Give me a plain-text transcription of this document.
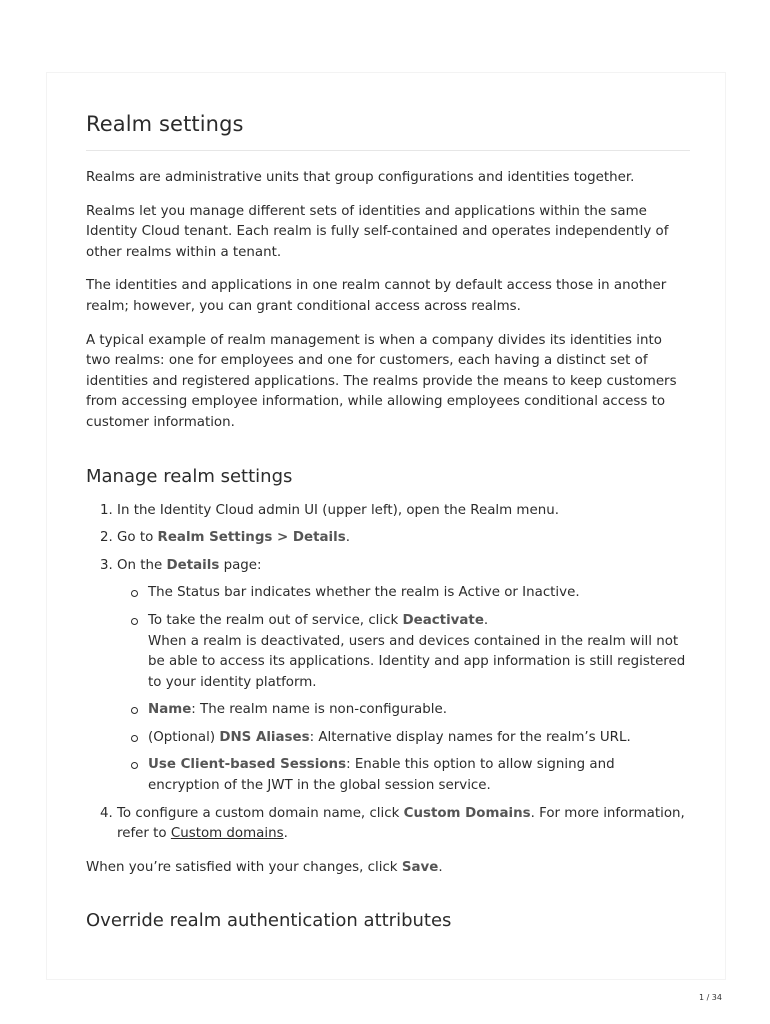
Realm settings

Realms are administrative units that group configurations and identities together.

Realms let you manage different sets of identities and applications within the same Identity Cloud tenant. Each realm is fully self-contained and operates independently of other realms within a tenant.

The identities and applications in one realm cannot by default access those in another realm; however, you can grant conditional access across realms.

A typical example of realm management is when a company divides its identities into two realms: one for employees and one for customers, each having a distinct set of identities and registered applications. The realms provide the means to keep customers from accessing employee information, while allowing employees conditional access to customer information.

Manage realm settings
1. In the Identity Cloud admin UI (upper left), open the Realm menu.
2. Go to Realm Settings > Details.
3. On the Details page:
The Status bar indicates whether the realm is Active or Inactive.
To take the realm out of service, click Deactivate.
When a realm is deactivated, users and devices contained in the realm will not be able to access its applications. Identity and app information is still registered to your identity platform.
Name: The realm name is non-configurable.
(Optional) DNS Aliases: Alternative display names for the realm’s URL.
Use Client-based Sessions: Enable this option to allow signing and encryption of the JWT in the global session service.
4. To configure a custom domain name, click Custom Domains. For more information, refer to Custom domains.

When you’re satisfied with your changes, click Save.

Override realm authentication attributes
1 / 34
